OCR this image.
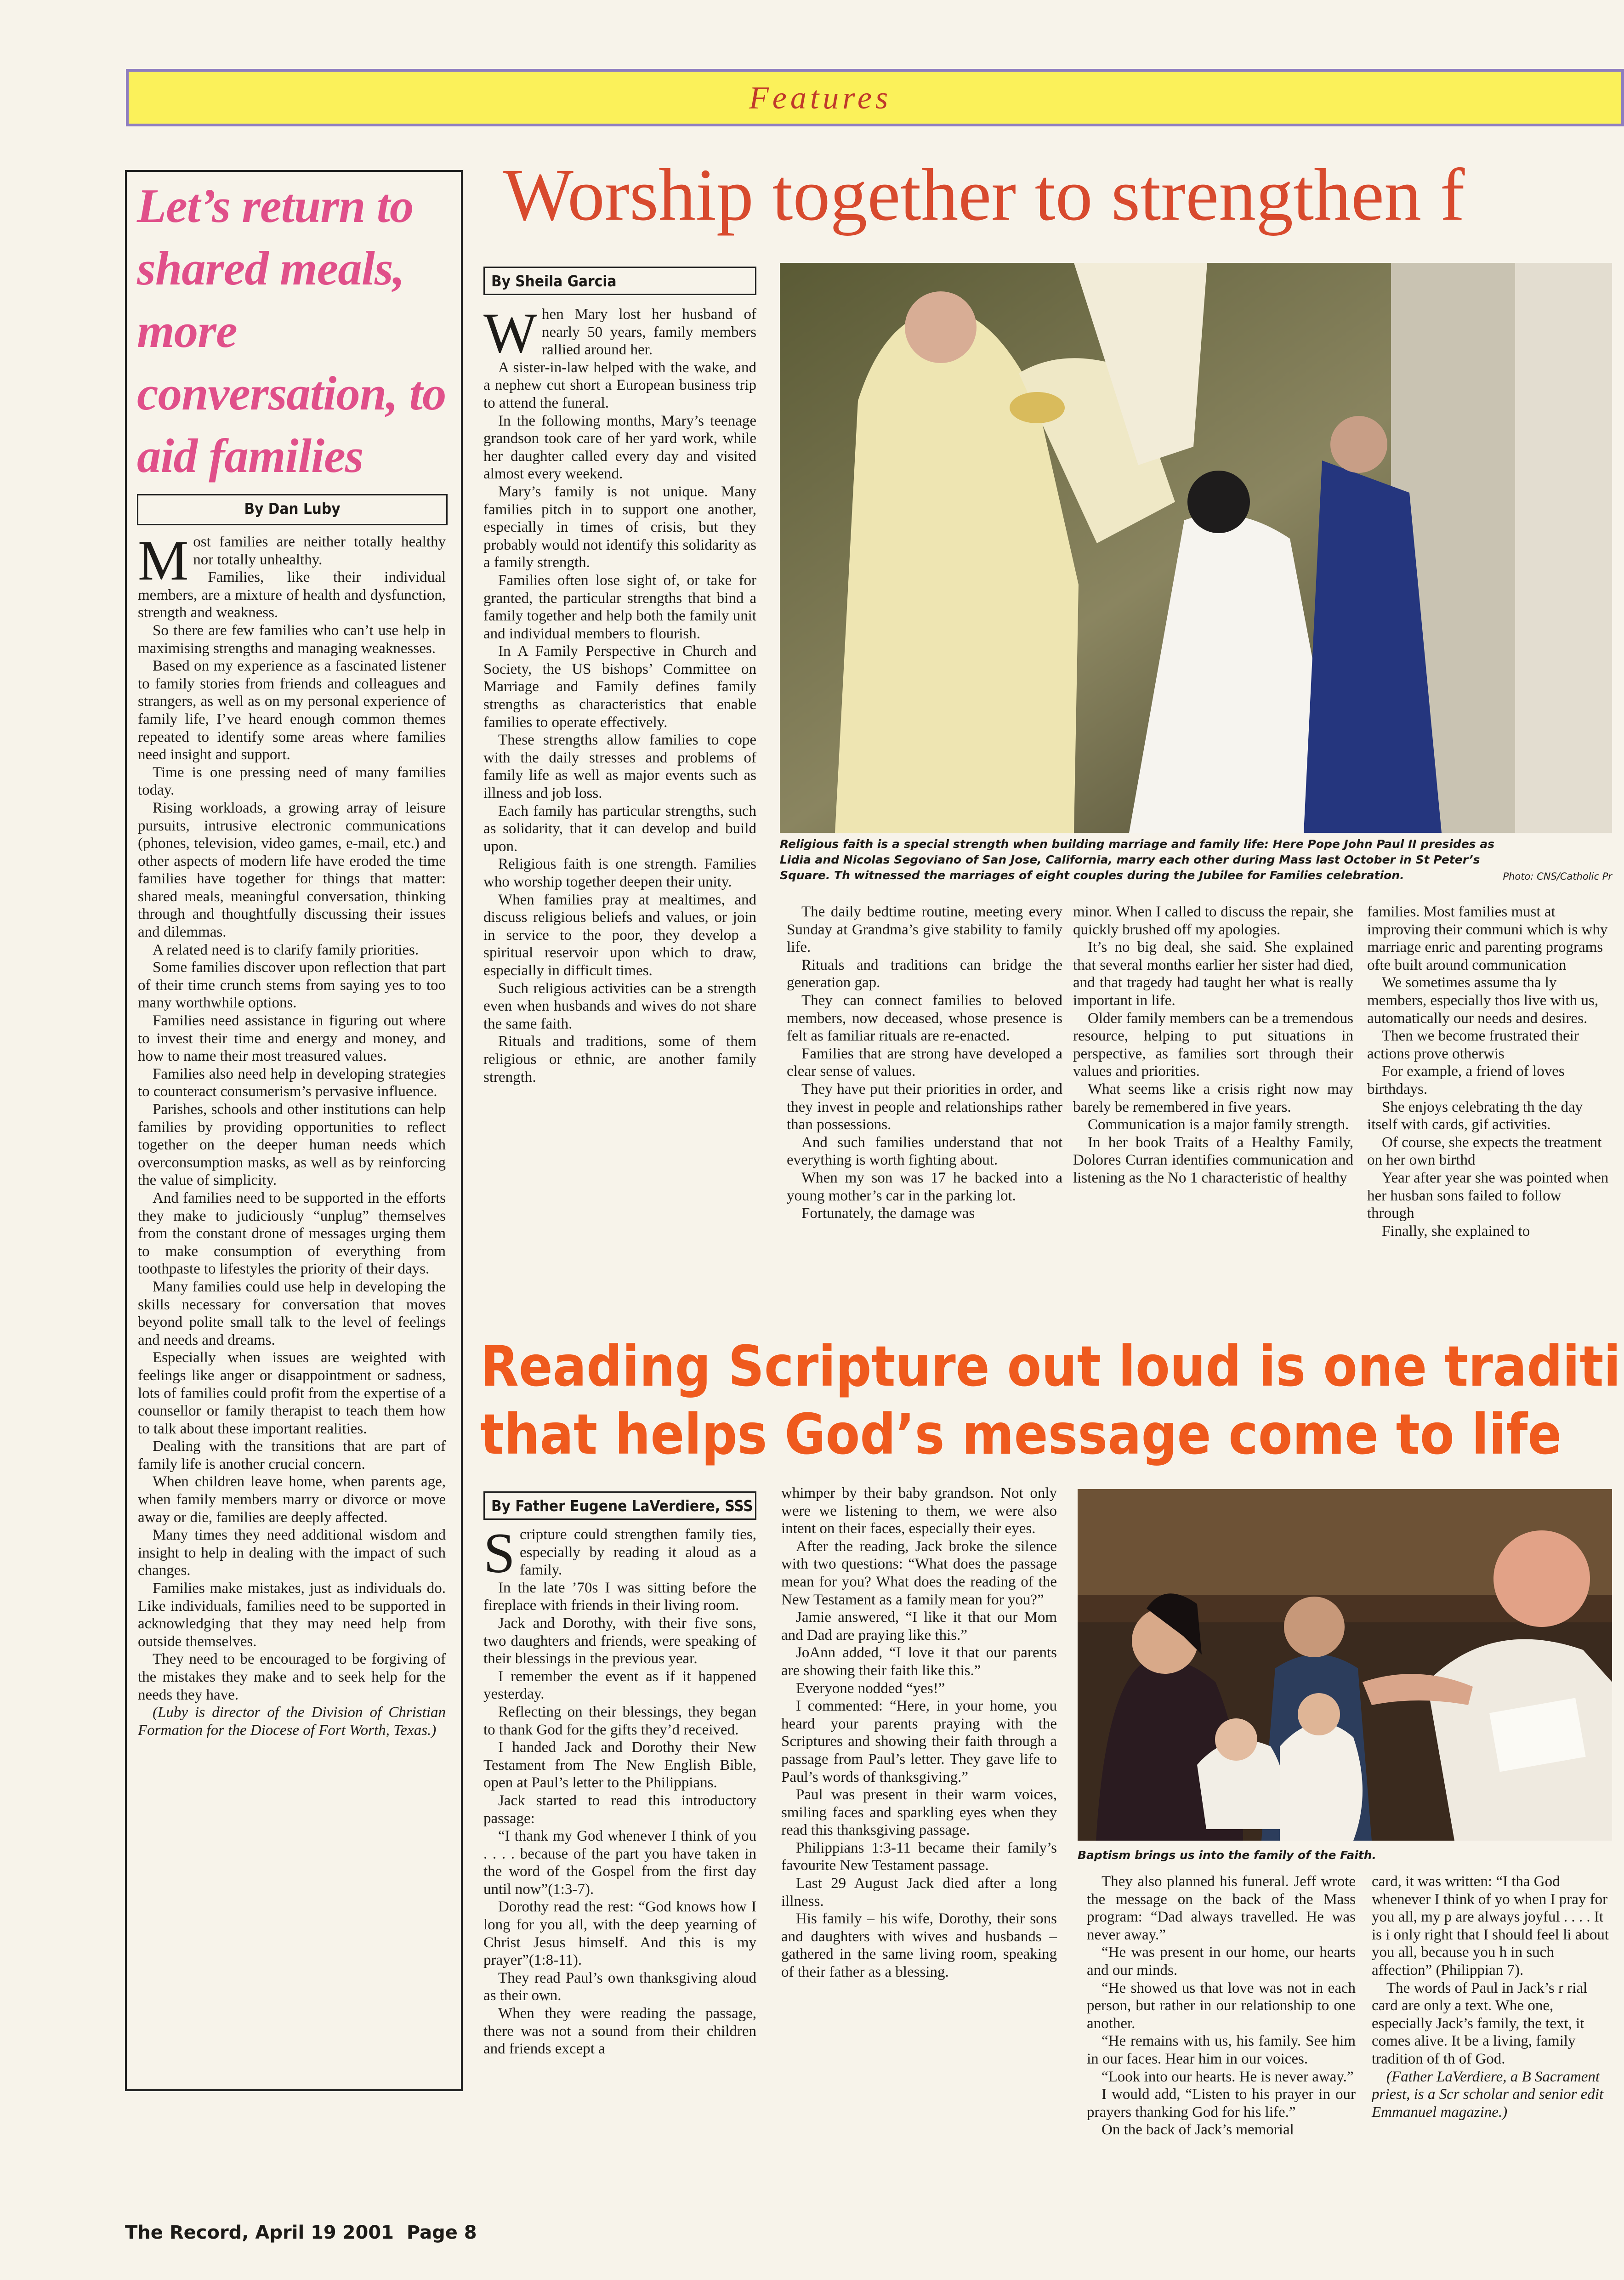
Features
Let’s return to shared meals, more conversation, to aid families
By Dan Luby

Most families are neither totally healthy nor totally unhealthy.

Families, like their individual members, are a mixture of health and dysfunction, strength and weakness.

So there are few families who can’t use help in maximising strengths and managing weaknesses.

Based on my experience as a fascinated listener to family stories from friends and colleagues and strangers, as well as on my personal experience of family life, I’ve heard enough common themes repeated to identify some areas where families need insight and support.

Time is one pressing need of many families today.

Rising workloads, a growing array of leisure pursuits, intrusive electronic communications (phones, television, video games, e-mail, etc.) and other aspects of modern life have eroded the time families have together for things that matter: shared meals, meaningful conversation, thinking through and thoughtfully discussing their issues and dilemmas.

A related need is to clarify family priorities.

Some families discover upon reflection that part of their time crunch stems from saying yes to too many worthwhile options.

Families need assistance in figuring out where to invest their time and energy and money, and how to name their most treasured values.

Families also need help in developing strategies to counteract consumerism’s pervasive influence.

Parishes, schools and other institutions can help families by providing opportunities to reflect together on the deeper human needs which overconsumption masks, as well as by reinforcing the value of simplicity.

And families need to be supported in the efforts they make to judiciously “unplug” themselves from the constant drone of messages urging them to make consumption of everything from toothpaste to lifestyles the priority of their days.

Many families could use help in developing the skills necessary for conversation that moves beyond polite small talk to the level of feelings and needs and dreams.

Especially when issues are weighted with feelings like anger or disappointment or sadness, lots of families could profit from the expertise of a counsellor or family therapist to teach them how to talk about these important realities.

Dealing with the transitions that are part of family life is another crucial concern.

When children leave home, when parents age, when family members marry or divorce or move away or die, families are deeply affected.

Many times they need additional wisdom and insight to help in dealing with the impact of such changes.

Families make mistakes, just as individuals do. Like individuals, families need to be supported in acknowledging that they may need help from outside themselves.

They need to be encouraged to be forgiving of the mistakes they make and to seek help for the needs they have.

(Luby is director of the Division of Christian Formation for the Diocese of Fort Worth, Texas.)

Worship together to strengthen f
By Sheila Garcia
Photo: CNS/Catholic Pr
Religious faith is a special strength when building marriage and family life: Here Pope John Paul II presides as Lidia and Nicolas Segoviano of San Jose, California, marry each other during Mass last October in St Peter’s Square. Th witnessed the marriages of eight couples during the Jubilee for Families celebration.

When Mary lost her husband of nearly 50 years, family members rallied around her.

A sister-in-law helped with the wake, and a nephew cut short a European business trip to attend the funeral.

In the following months, Mary’s teenage grandson took care of her yard work, while her daughter called every day and visited almost every weekend.

Mary’s family is not unique. Many families pitch in to support one another, especially in times of crisis, but they probably would not identify this solidarity as a family strength.

Families often lose sight of, or take for granted, the particular strengths that bind a family together and help both the family unit and individual members to flourish.

In A Family Perspective in Church and Society, the US bishops’ Committee on Marriage and Family defines family strengths as characteristics that enable families to operate effectively.

These strengths allow families to cope with the daily stresses and problems of family life as well as major events such as illness and job loss.

Each family has particular strengths, such as solidarity, that it can develop and build upon.

Religious faith is one strength. Families who worship together deepen their unity.

When families pray at mealtimes, and discuss religious beliefs and values, or join in service to the poor, they develop a spiritual reservoir upon which to draw, especially in difficult times.

Such religious activities can be a strength even when husbands and wives do not share the same faith.

Rituals and traditions, some of them religious or ethnic, are another family strength.

The daily bedtime routine, meeting every Sunday at Grandma’s give stability to family life.

Rituals and traditions can bridge the generation gap.

They can connect families to beloved members, now deceased, whose presence is felt as familiar rituals are re-enacted.

Families that are strong have developed a clear sense of values.

They have put their priorities in order, and they invest in people and relationships rather than possessions.

And such families understand that not everything is worth fighting about.

When my son was 17 he backed into a young mother’s car in the parking lot.

Fortunately, the damage was

minor. When I called to discuss the repair, she quickly brushed off my apologies.

It’s no big deal, she said. She explained that several months earlier her sister had died, and that tragedy had taught her what is really important in life.

Older family members can be a tremendous resource, helping to put situations in perspective, as families sort through their values and priorities.

What seems like a crisis right now may barely be remembered in five years.

Communication is a major family strength.

In her book Traits of a Healthy Family, Dolores Curran identifies communication and listening as the No 1 characteristic of healthy

families. Most families must at improving their communi which is why marriage enric and parenting programs ofte built around communication

We sometimes assume tha ly members, especially thos live with us, automatically our needs and desires.

Then we become frustrated their actions prove otherwis

For example, a friend of loves birthdays.

She enjoys celebrating th the day itself with cards, gif activities.

Of course, she expects the treatment on her own birthd

Year after year she was pointed when her husban sons failed to follow through

Finally, she explained to

Reading Scripture out loud is one traditi
that helps God’s message come to life
By Father Eugene LaVerdiere, SSS
Baptism brings us into the family of the Faith.

Scripture could strengthen family ties, especially by reading it aloud as a family.

In the late ’70s I was sitting before the fireplace with friends in their living room.

Jack and Dorothy, with their five sons, two daughters and friends, were speaking of their blessings in the previous year.

I remember the event as if it happened yesterday.

Reflecting on their blessings, they began to thank God for the gifts they’d received.

I handed Jack and Dorothy their New Testament from The New English Bible, open at Paul’s letter to the Philippians.

Jack started to read this introductory passage:

“I thank my God whenever I think of you . . . . because of the part you have taken in the word of the Gospel from the first day until now”(1:3-7).

Dorothy read the rest: “God knows how I long for you all, with the deep yearning of Christ Jesus himself. And this is my prayer”(1:8-11).

They read Paul’s own thanksgiving aloud as their own.

When they were reading the passage, there was not a sound from their children and friends except a

whimper by their baby grandson. Not only were we listening to them, we were also intent on their faces, especially their eyes.

After the reading, Jack broke the silence with two questions: “What does the passage mean for you? What does the reading of the New Testament as a family mean for you?”

Jamie answered, “I like it that our Mom and Dad are praying like this.”

JoAnn added, “I love it that our parents are showing their faith like this.”

Everyone nodded “yes!”

I commented: “Here, in your home, you heard your parents praying with the Scriptures and showing their faith through a passage from Paul’s letter. They gave life to Paul’s words of thanksgiving.”

Paul was present in their warm voices, smiling faces and sparkling eyes when they read this thanksgiving passage.

Philippians 1:3-11 became their family’s favourite New Testament passage.

Last 29 August Jack died after a long illness.

His family – his wife, Dorothy, their sons and daughters with wives and husbands – gathered in the same living room, speaking of their father as a blessing.

They also planned his funeral. Jeff wrote the message on the back of the Mass program: “Dad always travelled. He was never away.”

“He was present in our home, our hearts and our minds.

“He showed us that love was not in each person, but rather in our relationship to one another.

“He remains with us, his family. See him in our faces. Hear him in our voices.

“Look into our hearts. He is never away.”

I would add, “Listen to his prayer in our prayers thanking God for his life.”

On the back of Jack’s memorial

card, it was written: “I tha God whenever I think of yo when I pray for you all, my p are always joyful . . . . It is i only right that I should feel li about you all, because you h in such affection” (Philippian 7).

The words of Paul in Jack’s r rial card are only a text. Whe one, especially Jack’s family, the text, it comes alive. It be a living, family tradition of th of God.

(Father LaVerdiere, a B Sacrament priest, is a Scr scholar and senior edit Emmanuel magazine.)

The Record, April 19 2001  Page 8
